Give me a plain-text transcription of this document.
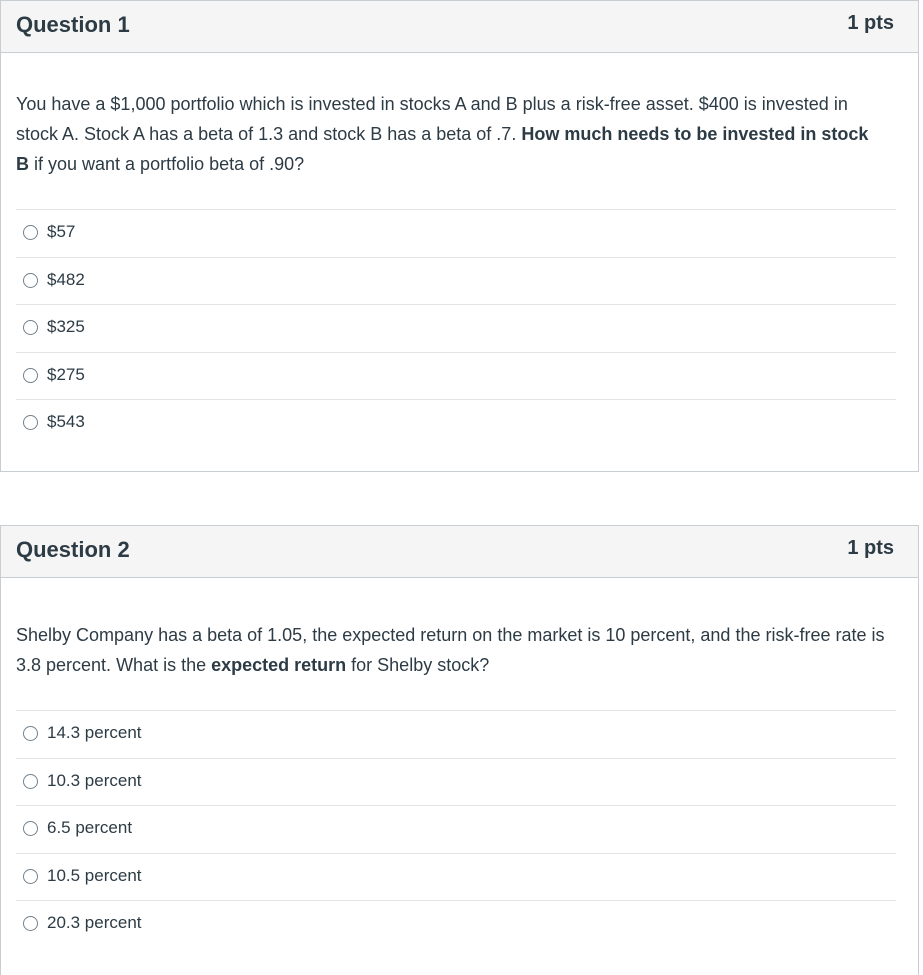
Question 1	1 pts

You have a $1,000 portfolio which is invested in stocks A and B plus a risk-free asset. $400 is invested in stock A. Stock A has a beta of 1.3 and stock B has a beta of .7. How much needs to be invested in stock B if you want a portfolio beta of .90?

$57
$482
$325
$275
$543
Question 2	1 pts

Shelby Company has a beta of 1.05, the expected return on the market is 10 percent, and the risk-free rate is 3.8 percent. What is the expected return for Shelby stock?

14.3 percent
10.3 percent
6.5 percent
10.5 percent
20.3 percent
